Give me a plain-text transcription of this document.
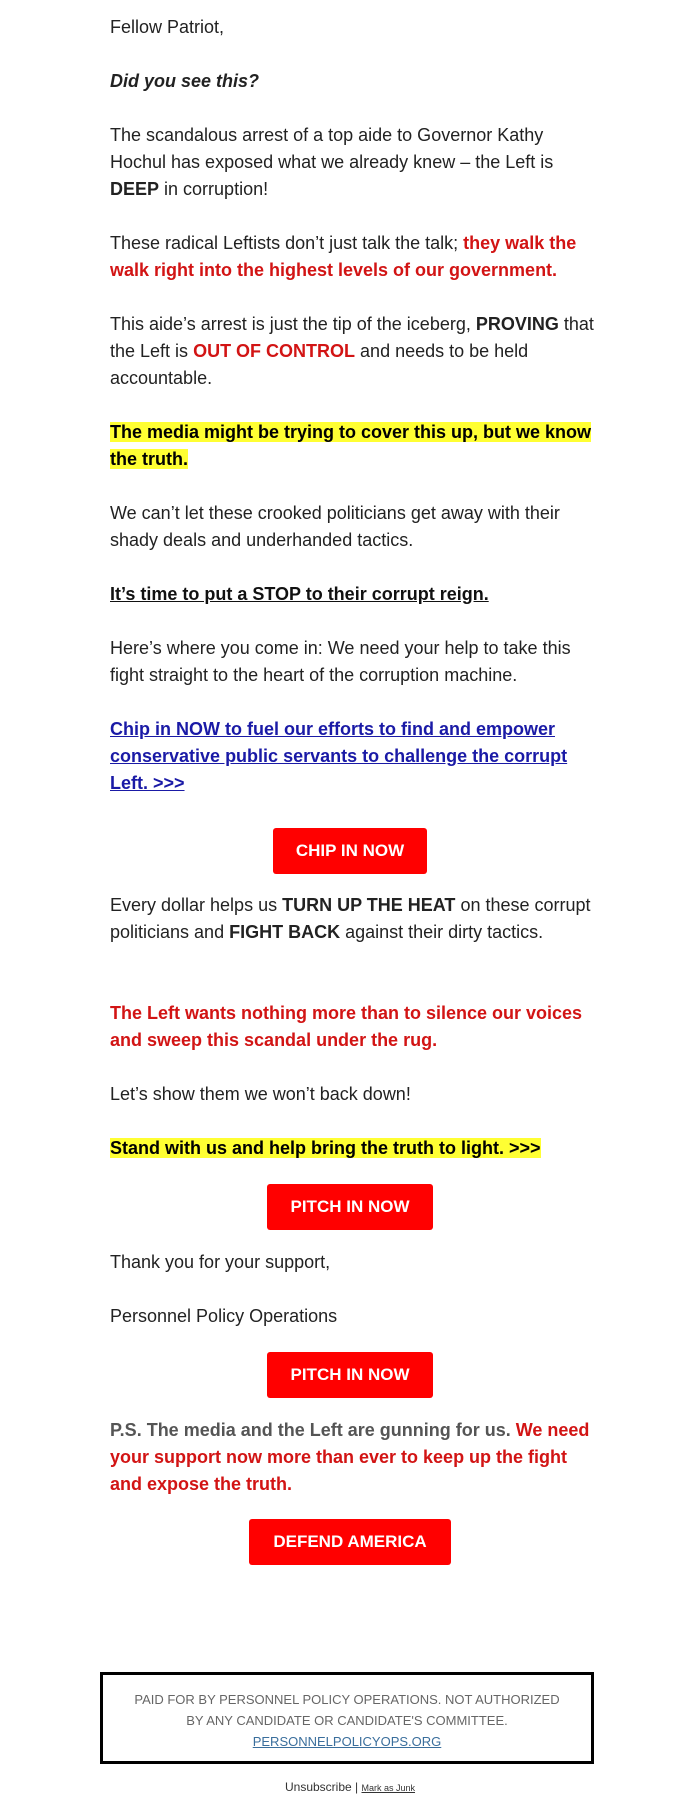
Fellow Patriot,

Did you see this?

The scandalous arrest of a top aide to Governor Kathy Hochul has exposed what we already knew – the Left is DEEP in corruption!

These radical Leftists don’t just talk the talk; they walk the walk right into the highest levels of our government.

This aide’s arrest is just the tip of the iceberg, PROVING that the Left is OUT OF CONTROL and needs to be held accountable.

The media might be trying to cover this up, but we know the truth.

We can’t let these crooked politicians get away with their shady deals and underhanded tactics.

It’s time to put a STOP to their corrupt reign.

Here’s where you come in: We need your help to take this fight straight to the heart of the corruption machine.

Chip in NOW to fuel our efforts to find and empower conservative public servants to challenge the corrupt Left. >>>

CHIP IN NOW

Every dollar helps us TURN UP THE HEAT on these corrupt politicians and FIGHT BACK against their dirty tactics.

The Left wants nothing more than to silence our voices and sweep this scandal under the rug.

Let’s show them we won’t back down!

Stand with us and help bring the truth to light. >>>

PITCH IN NOW

Thank you for your support,

Personnel Policy Operations

PITCH IN NOW

P.S. The media and the Left are gunning for us. We need your support now more than ever to keep up the fight and expose the truth.

DEFEND AMERICA
PAID FOR BY PERSONNEL POLICY OPERATIONS. NOT AUTHORIZED BY ANY CANDIDATE OR CANDIDATE'S COMMITTEE.
PERSONNELPOLICYOPS.ORG
Unsubscribe | Mark as Junk
